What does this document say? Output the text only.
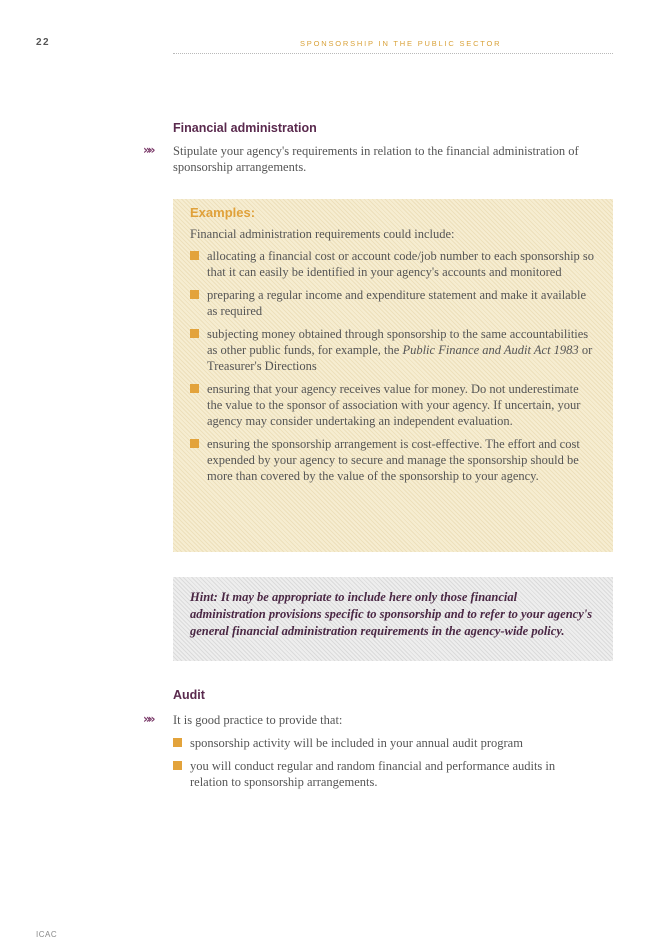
22	SPONSORSHIP IN THE PUBLIC SECTOR
Financial administration
»» Stipulate your agency's requirements in relation to the financial administration of sponsorship arrangements.

Examples:

Financial administration requirements could include:

allocating a financial cost or account code/job number to each sponsorship so that it can easily be identified in your agency's accounts and monitored
preparing a regular income and expenditure statement and make it available as required
subjecting money obtained through sponsorship to the same accountabilities as other public funds, for example, the Public Finance and Audit Act 1983 or Treasurer's Directions
ensuring that your agency receives value for money. Do not underestimate the value to the sponsor of association with your agency. If uncertain, your agency may consider undertaking an independent evaluation.
ensuring the sponsorship arrangement is cost-effective. The effort and cost expended by your agency to secure and manage the sponsorship should be more than covered by the value of the sponsorship to your agency.

Hint: It may be appropriate to include here only those financial administration provisions specific to sponsorship and to refer to your agency's general financial administration requirements in the agency-wide policy.

Audit
»» It is good practice to provide that:

sponsorship activity will be included in your annual audit program
you will conduct regular and random financial and performance audits in relation to sponsorship arrangements.
ICAC
